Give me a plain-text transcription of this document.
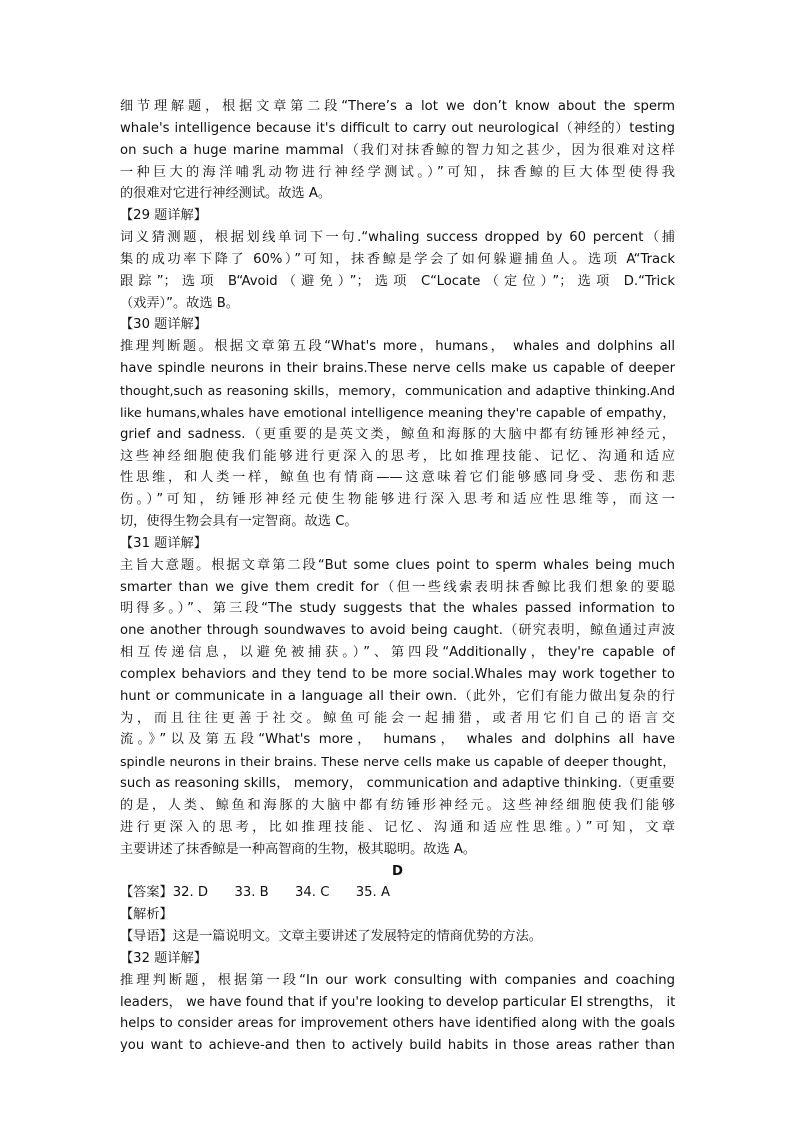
细节理解题，根据文章第二段“There’s a lot we don’t know about the sperm
whale's intelligence because it's difficult to carry out neurological（神经的）testing
on such a huge marine mammal（我们对抹香鲸的智力知之甚少，因为很难对这样
一种巨大的海洋哺乳动物进行神经学测试。）”可知，抹香鲸的巨大体型使得我
的很难对它进行神经测试。故选 A。
【29 题详解】
词义猜测题，根据划线单词下一句.“whaling success dropped by 60 percent（捕
集的成功率下降了 60%）”可知，抹香鲸是学会了如何躲避捕鱼人。选项 A“Track
跟踪”；选项 B“Avoid（避免）”；选项 C“Locate（定位）”；选项 D.“Trick
（戏弄）”。故选 B。
【30 题详解】
推理判断题。根据文章第五段“What's more，humans， whales and dolphins all
have spindle neurons in their brains.These nerve cells make us capable of deeper
thought,such as reasoning skills，memory，communication and adaptive thinking.And
like humans,whales have emotional intelligence meaning they're capable of empathy，
grief and sadness.（更重要的是英文类，鲸鱼和海豚的大脑中都有纺锤形神经元，
这些神经细胞使我们能够进行更深入的思考，比如推理技能、记忆、沟通和适应
性思维，和人类一样，鲸鱼也有情商——这意味着它们能够感同身受、悲伤和悲
伤。）”可知，纺锤形神经元使生物能够进行深入思考和适应性思维等，而这一
切，使得生物会具有一定智商。故选 C。
【31 题详解】
主旨大意题。根据文章第二段“But some clues point to sperm whales being much
smarter than we give them credit for（但一些线索表明抹香鲸比我们想象的要聪
明得多。）”、第三段“The study suggests that the whales passed information to
one another through soundwaves to avoid being caught.（研究表明，鲸鱼通过声波
相互传递信息，以避免被捕获。）”、第四段“Additionally，they're capable of
complex behaviors and they tend to be more social.Whales may work together to
hunt or communicate in a language all their own.（此外，它们有能力做出复杂的行
为，而且往往更善于社交。鲸鱼可能会一起捕猎，或者用它们自己的语言交
流。》”以及第五段“What's more， humans， whales and dolphins all have
spindle neurons in their brains. These nerve cells make us capable of deeper thought，
such as reasoning skills， memory， communication and adaptive thinking.（更重要
的是，人类、鲸鱼和海豚的大脑中都有纺锤形神经元。这些神经细胞使我们能够
进行更深入的思考，比如推理技能、记忆、沟通和适应性思维。）”可知，文章
主要讲述了抹香鲸是一种高智商的生物，极其聪明。故选 A。
D
【答案】32. D　　33. B　　34. C　　35. A
【解析】
【导语】这是一篇说明文。文章主要讲述了发展特定的情商优势的方法。
【32 题详解】
推理判断题，根据第一段“In our work consulting with companies and coaching
leaders， we have found that if you're looking to develop particular EI strengths， it
helps to consider areas for improvement others have identified along with the goals
you want to achieve-and then to actively build habits in those areas rather than
